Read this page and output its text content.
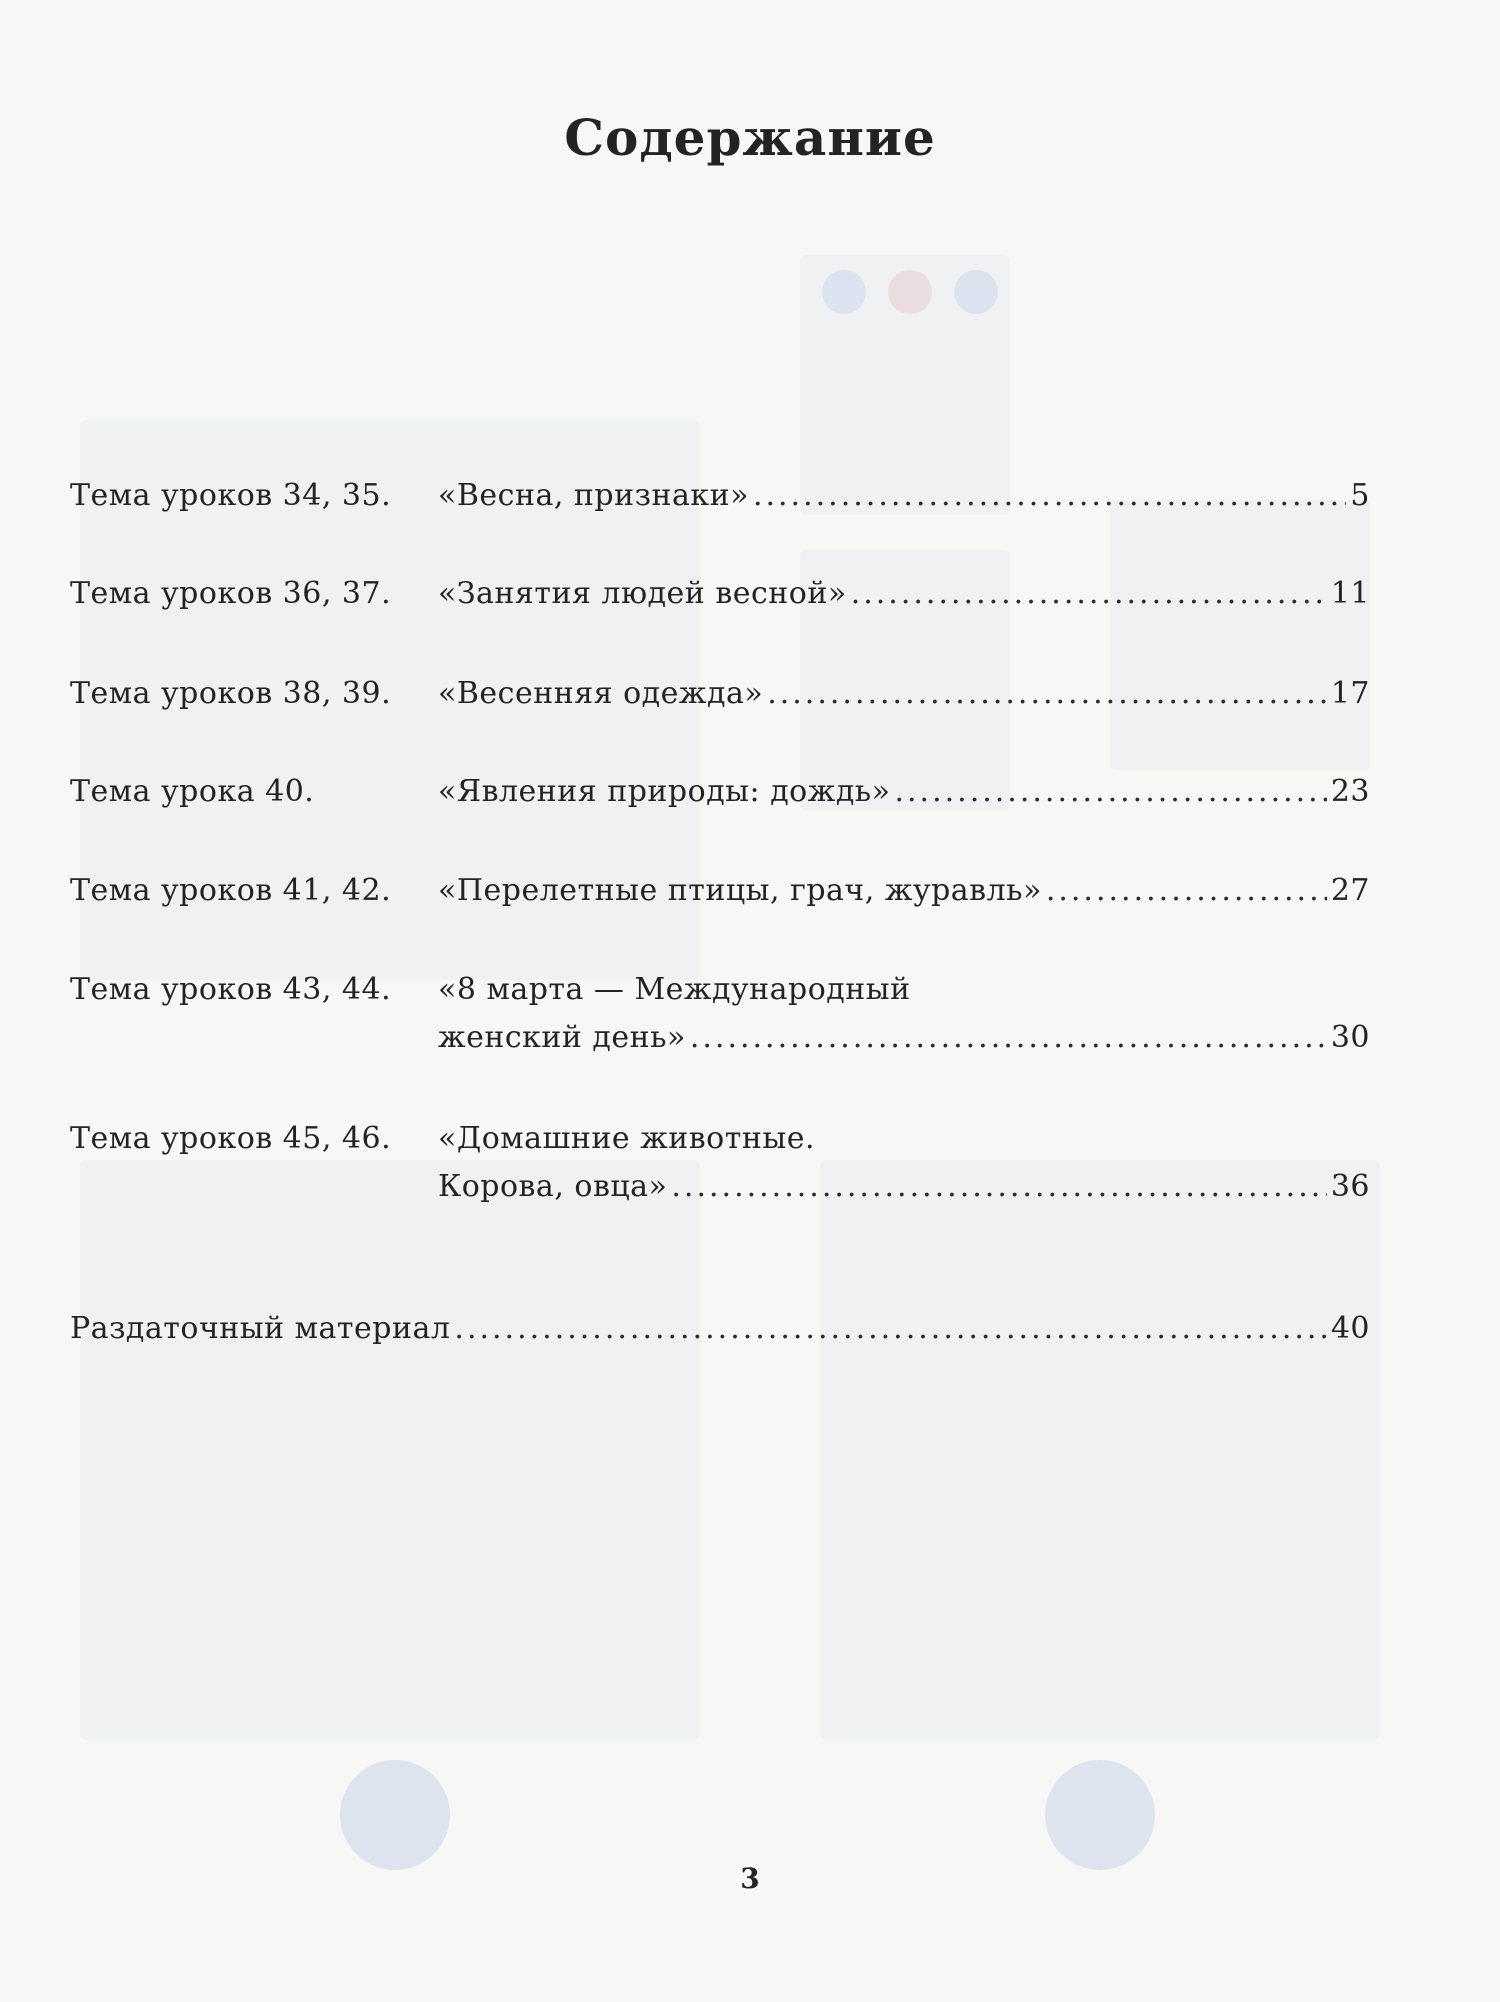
Содержание
Тема уроков 34, 35. «Весна, признаки» .....	5
Тема уроков 36, 37. «Занятия людей весной» .....	11
Тема уроков 38, 39. «Весенняя одежда» .....	17
Тема урока 40.	«Явления природы: дождь» .....	23
Тема уроков 41, 42. «Перелетные птицы, грач, журавль» .....	27
Тема уроков 43, 44. «8 марта — Международный
женский день» .....	30
Тема уроков 45, 46. «Домашние животные.
Корова, овца» .....	36
Раздаточный материал .....	40
3
